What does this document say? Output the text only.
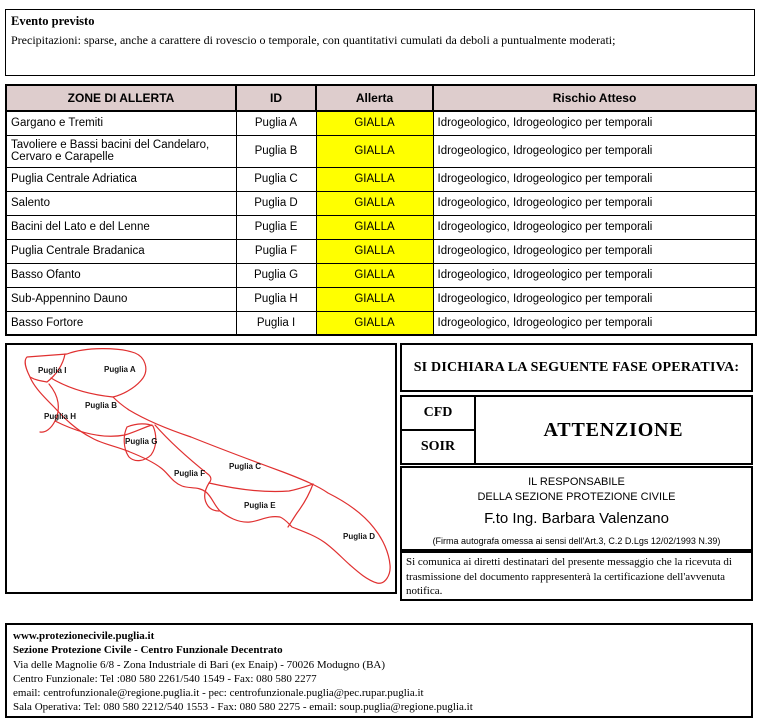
Evento previsto
Precipitazioni: sparse, anche a carattere di rovescio o temporale, con quantitativi cumulati da deboli a puntualmente moderati;
ZONE DI ALLERTA	ID	Allerta	Rischio Atteso
Gargano e Tremiti	Puglia A	GIALLA	Idrogeologico, Idrogeologico per temporali
Tavoliere e Bassi bacini del Candelaro, Cervaro e Carapelle	Puglia B	GIALLA	Idrogeologico, Idrogeologico per temporali
Puglia Centrale Adriatica	Puglia C	GIALLA	Idrogeologico, Idrogeologico per temporali
Salento	Puglia D	GIALLA	Idrogeologico, Idrogeologico per temporali
Bacini del Lato e del Lenne	Puglia E	GIALLA	Idrogeologico, Idrogeologico per temporali
Puglia Centrale Bradanica	Puglia F	GIALLA	Idrogeologico, Idrogeologico per temporali
Basso Ofanto	Puglia G	GIALLA	Idrogeologico, Idrogeologico per temporali
Sub-Appennino Dauno	Puglia H	GIALLA	Idrogeologico, Idrogeologico per temporali
Basso Fortore	Puglia I	GIALLA	Idrogeologico, Idrogeologico per temporali
Puglia I	Puglia A
Puglia B
Puglia H
Puglia G
Puglia F
Puglia C
Puglia E
Puglia D
SI DICHIARA LA SEGUENTE FASE OPERATIVA:
CFD	ATTENZIONE
SOIR
IL RESPONSABILE
DELLA SEZIONE PROTEZIONE CIVILE
F.to Ing. Barbara Valenzano
(Firma autografa omessa ai sensi dell'Art.3, C.2 D.Lgs 12/02/1993 N.39)
Si comunica ai diretti destinatari del presente messaggio che la ricevuta di trasmissione del documento rappresenterà la certificazione dell'avvenuta notifica.
www.protezionecivile.puglia.it
Sezione Protezione Civile - Centro Funzionale Decentrato
Via delle Magnolie 6/8 - Zona Industriale di Bari (ex Enaip) - 70026 Modugno (BA)
Centro Funzionale: Tel :080 580 2261/540 1549 - Fax: 080 580 2277
email: centrofunzionale@regione.puglia.it - pec: centrofunzionale.puglia@pec.rupar.puglia.it
Sala Operativa: Tel: 080 580 2212/540 1553 - Fax: 080 580 2275 - email: soup.puglia@regione.puglia.it
